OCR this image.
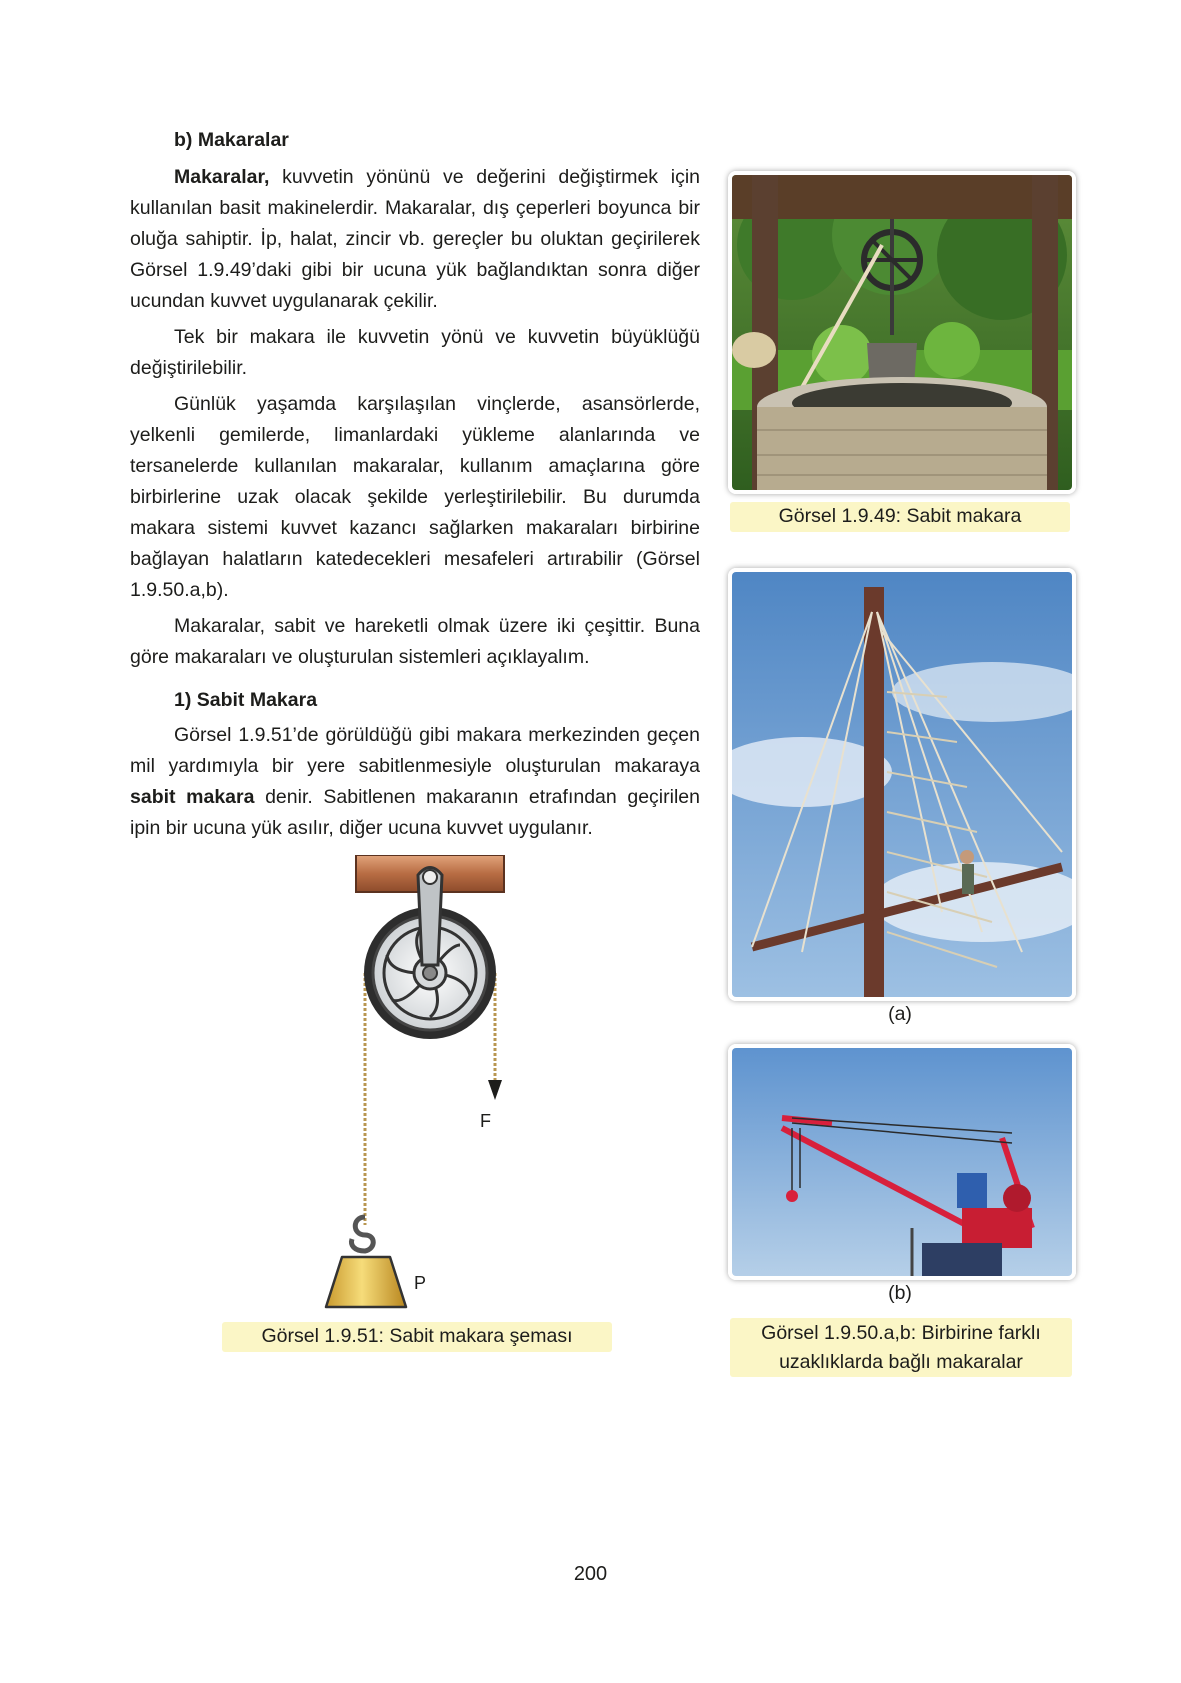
b) Makaralar

Makaralar, kuvvetin yönünü ve değerini değiştirmek için kullanılan basit makinelerdir. Makaralar, dış çeperleri boyunca bir oluğa sahiptir. İp, halat, zincir vb. gereçler bu oluktan geçirilerek Görsel 1.9.49’daki gibi bir ucuna yük bağlandıktan sonra diğer ucundan kuvvet uygulanarak çekilir.

Tek bir makara ile kuvvetin yönü ve kuvvetin büyüklüğü değiştirilebilir.

Günlük yaşamda karşılaşılan vinçlerde, asansörlerde, yelkenli gemilerde, limanlardaki yükleme alanlarında ve tersanelerde kullanılan makaralar, kullanım amaçlarına göre birbirlerine uzak olacak şekilde yerleştirilebilir. Bu durumda makara sistemi kuvvet kazancı sağlarken makaraları birbirine bağlayan halatların katedecekleri mesafeleri artırabilir (Görsel 1.9.50.a,b).

Makaralar, sabit ve hareketli olmak üzere iki çeşittir. Buna göre makaraları ve oluşturulan sistemleri açıklayalım.

1) Sabit Makara

Görsel 1.9.51’de görüldüğü gibi makara merkezinden geçen mil yardımıyla bir yere sabitlenmesiyle oluşturulan makaraya sabit makara denir. Sabitlenen makaranın etrafından geçirilen ipin bir ucuna yük asılır, diğer ucuna kuvvet uygulanır.

Görsel 1.9.49: Sabit makara
(a)
(b)
Görsel 1.9.50.a,b: Birbirine farklı
uzaklıklarda bağlı makaralar
F
P
Görsel 1.9.51: Sabit makara şeması
200
